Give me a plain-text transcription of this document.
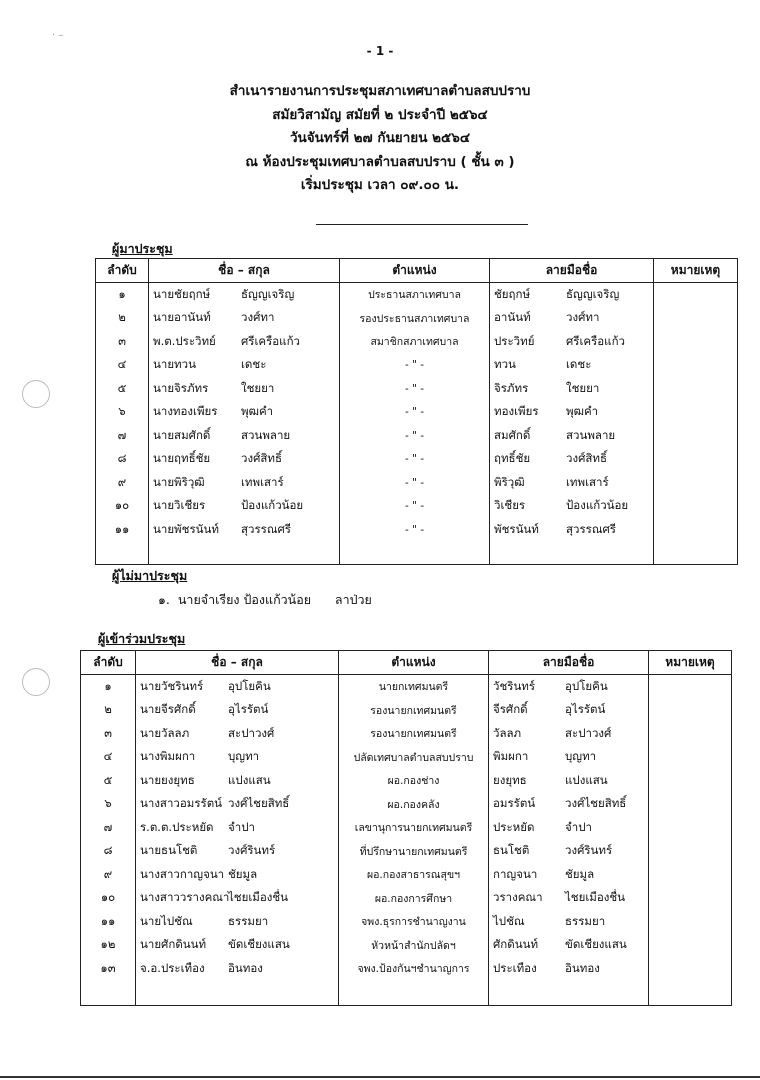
· –
- 1 -
สำเนารายงานการประชุมสภาเทศบาลตำบลสบปราบ
สมัยวิสามัญ สมัยที่ ๒ ประจำปี ๒๕๖๔
วันจันทร์ที่ ๒๗ กันยายน ๒๕๖๔
ณ ห้องประชุมเทศบาลตำบลสบปราบ ( ชั้น ๓ )
เริ่มประชุม เวลา ๐๙.๐๐ น.
ผู้มาประชุม
ลำดับ	ชื่อ – สกุล	ตำแหน่ง	ลายมือชื่อ	หมายเหตุ
๑	นายชัยฤกษ์ ธัญญเจริญ	ประธานสภาเทศบาล	ชัยฤกษ์ ธัญญเจริญ	
๒	นายอานันท์ วงศ์ทา	รองประธานสภาเทศบาล	อานันท์ วงศ์ทา	
๓	พ.ต.ประวิทย์ ศรีเครือแก้ว	สมาชิกสภาเทศบาล	ประวิทย์ ศรีเครือแก้ว	
๔	นายทวน เดชะ	- " -	ทวน เดชะ	
๕	นายจิรภัทร ใชยยา	- " -	จิรภัทร ใชยยา	
๖	นางทองเพียร พุฒคำ	- " -	ทองเพียร พุฒคำ	
๗	นายสมศักดิ์ สวนพลาย	- " -	สมศักดิ์ สวนพลาย	
๘	นายฤทธิ์ชัย วงศ์สิทธิ์	- " -	ฤทธิ์ชัย วงศ์สิทธิ์	
๙	นายพิริวุฒิ เทพเสาร์	- " -	พิริวุฒิ เทพเสาร์	
๑๐	นายวิเชียร ป้องแก้วน้อย	- " -	วิเชียร ป้องแก้วน้อย	
๑๑	นายพัชรนันท์ สุวรรณศรี	- " -	พัชรนันท์ สุวรรณศรี	

ผู้ไม่มาประชุม
๑. นายจำเรียง ป้องแก้วน้อย ลาป่วย
ผู้เข้าร่วมประชุม
ลำดับ	ชื่อ – สกุล	ตำแหน่ง	ลายมือชื่อ	หมายเหตุ
๑	นายวัชรินทร์ อุปโยคิน	นายกเทศมนตรี	วัชรินทร์ อุปโยคิน	
๒	นายจีรศักดิ์ อุไรรัตน์	รองนายกเทศมนตรี	จีรศักดิ์ อุไรรัตน์	
๓	นายวัลลภ สะปาวงศ์	รองนายกเทศมนตรี	วัลลภ สะปาวงศ์	
๔	นางพิมผกา บุญทา	ปลัดเทศบาลตำบลสบปราบ	พิมผกา บุญทา	
๕	นายยงยุทธ แปงแสน	ผอ.กองช่าง	ยงยุทธ แปงแสน	
๖	นางสาวอมรรัตน์ วงศ์ไชยสิทธิ์	ผอ.กองคลัง	อมรรัตน์ วงศ์ไชยสิทธิ์	
๗	ร.ต.ต.ประหยัด จำปา	เลขานุการนายกเทศมนตรี	ประหยัด จำปา	
๘	นายธนโชติ วงศ์รินทร์	ที่ปรึกษานายกเทศมนตรี	ธนโชติ วงศ์รินทร์	
๙	นางสาวกาญจนา ชัยมูล	ผอ.กองสาธารณสุขฯ	กาญจนา ชัยมูล	
๑๐	นางสาววรางคณาไชยเมืองชื่น	ผอ.กองการศึกษา	วรางคณา ไชยเมืองชื่น	
๑๑	นายไปชัณ ธรรมยา	จพง.ธุรการชำนาญงาน	ไปชัณ ธรรมยา	
๑๒	นายศักดินนท์ ขัดเชียงแสน	หัวหน้าสำนักปลัดฯ	ศักดินนท์ ขัดเชียงแสน	
๑๓	จ.อ.ประเทือง อินทอง	จพง.ป้องกันฯชำนาญการ	ประเทือง อินทอง	
